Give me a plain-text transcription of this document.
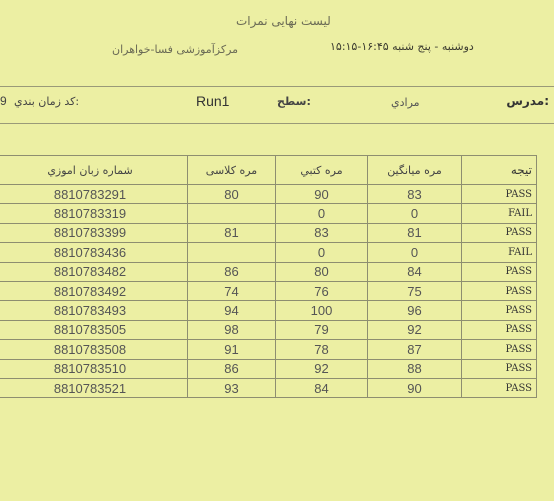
لیست نهایی نمرات
مرکزآموزشی فسا-خواهران	دوشنبه - پنج شنبه ۱۶:۴۵-۱۵:۱۵
مدرس:
مرادي
سطح:
Run1
كد زمان بندي:
9
شماره زبان اموزي	مره کلاسی	مره کتبي	مره میانگین	تیجه
8810783291	80	90	83	PASS
8810783319		0	0	FAIL
8810783399	81	83	81	PASS
8810783436		0	0	FAIL
8810783482	86	80	84	PASS
8810783492	74	76	75	PASS
8810783493	94	100	96	PASS
8810783505	98	79	92	PASS
8810783508	91	78	87	PASS
8810783510	86	92	88	PASS
8810783521	93	84	90	PASS
